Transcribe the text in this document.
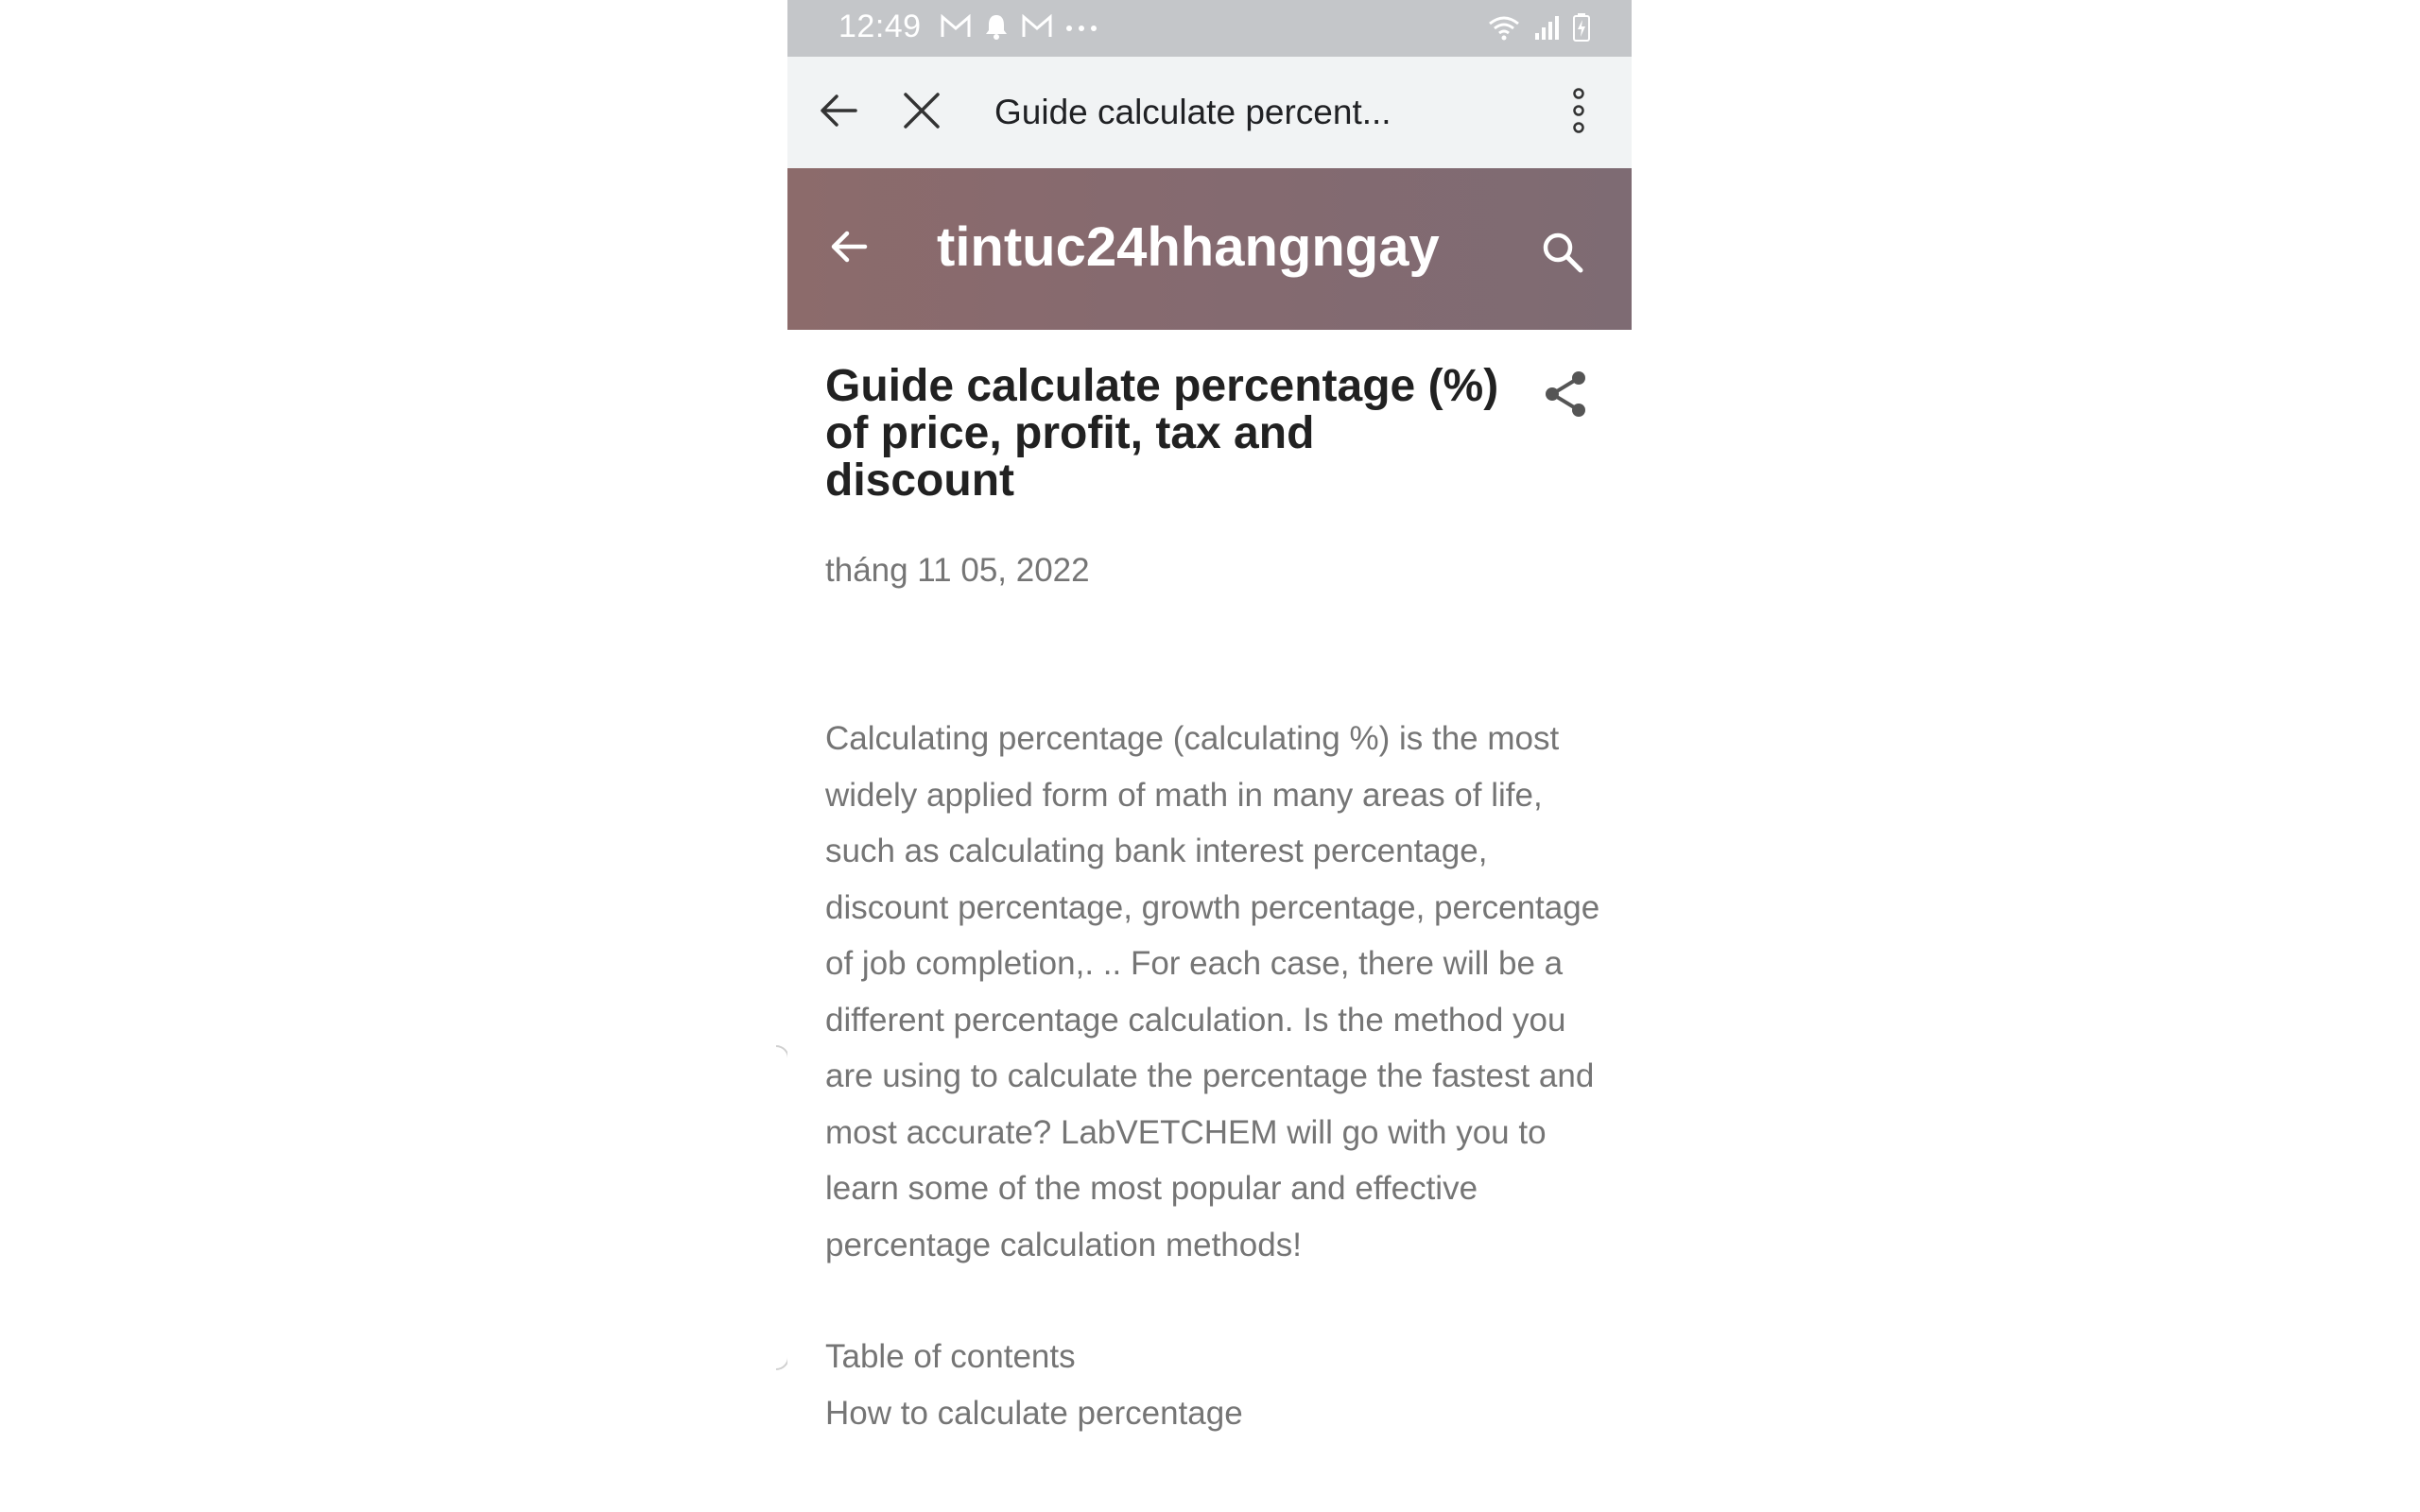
12:49
Guide calculate percent...
tintuc24hhangngay
Guide calculate percentage (%) of price, profit, tax and discount
tháng 11 05, 2022

Calculating percentage (calculating %) is the most widely applied form of math in many areas of life, such as calculating bank interest percentage, discount percentage, growth percentage, percentage of job completion,. .. For each case, there will be a different percentage calculation. Is the method you are using to calculate the percentage the fastest and most accurate? LabVETCHEM will go with you to learn some of the most popular and effective percentage calculation methods!

Table of contents
How to calculate percentage
